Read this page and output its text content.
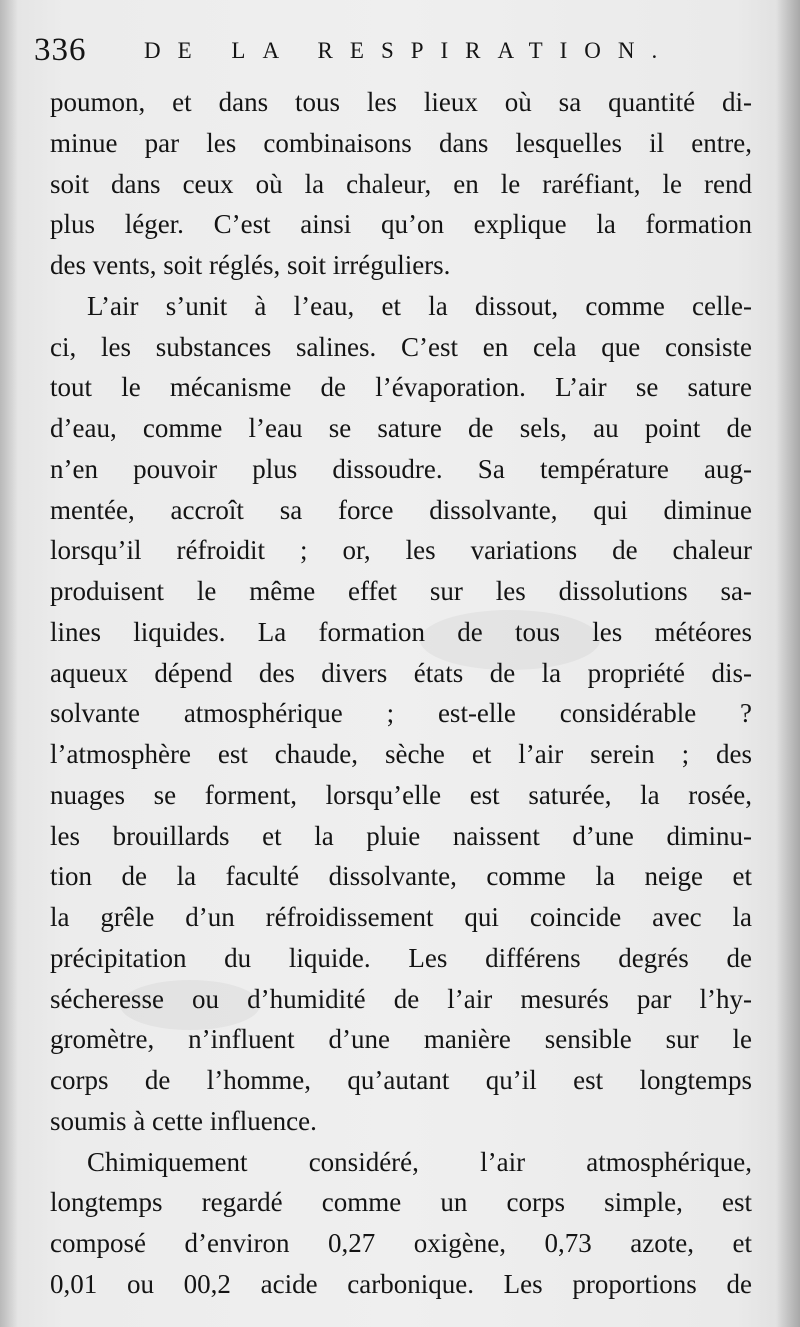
336	DE LA RESPIRATION.
poumon, et dans tous les lieux où sa quantité di-
minue par les combinaisons dans lesquelles il entre,
soit dans ceux où la chaleur, en le raréfiant, le rend
plus léger. C’est ainsi qu’on explique la formation
des vents, soit réglés, soit irréguliers.
L’air s’unit à l’eau, et la dissout, comme celle-
ci, les substances salines. C’est en cela que consiste
tout le mécanisme de l’évaporation. L’air se sature
d’eau, comme l’eau se sature de sels, au point de
n’en pouvoir plus dissoudre. Sa température aug-
mentée, accroît sa force dissolvante, qui diminue
lorsqu’il réfroidit ; or, les variations de chaleur
produisent le même effet sur les dissolutions sa-
lines liquides. La formation de tous les météores
aqueux dépend des divers états de la propriété dis-
solvante atmosphérique ; est-elle considérable ?
l’atmosphère est chaude, sèche et l’air serein ; des
nuages se forment, lorsqu’elle est saturée, la rosée,
les brouillards et la pluie naissent d’une diminu-
tion de la faculté dissolvante, comme la neige et
la grêle d’un réfroidissement qui coincide avec la
précipitation du liquide. Les différens degrés de
sécheresse ou d’humidité de l’air mesurés par l’hy-
gromètre, n’influent d’une manière sensible sur le
corps de l’homme, qu’autant qu’il est longtemps
soumis à cette influence.
Chimiquement considéré, l’air atmosphérique,
longtemps regardé comme un corps simple, est
composé d’environ 0,27 oxigène, 0,73 azote, et
0,01 ou 00,2 acide carbonique. Les proportions de
